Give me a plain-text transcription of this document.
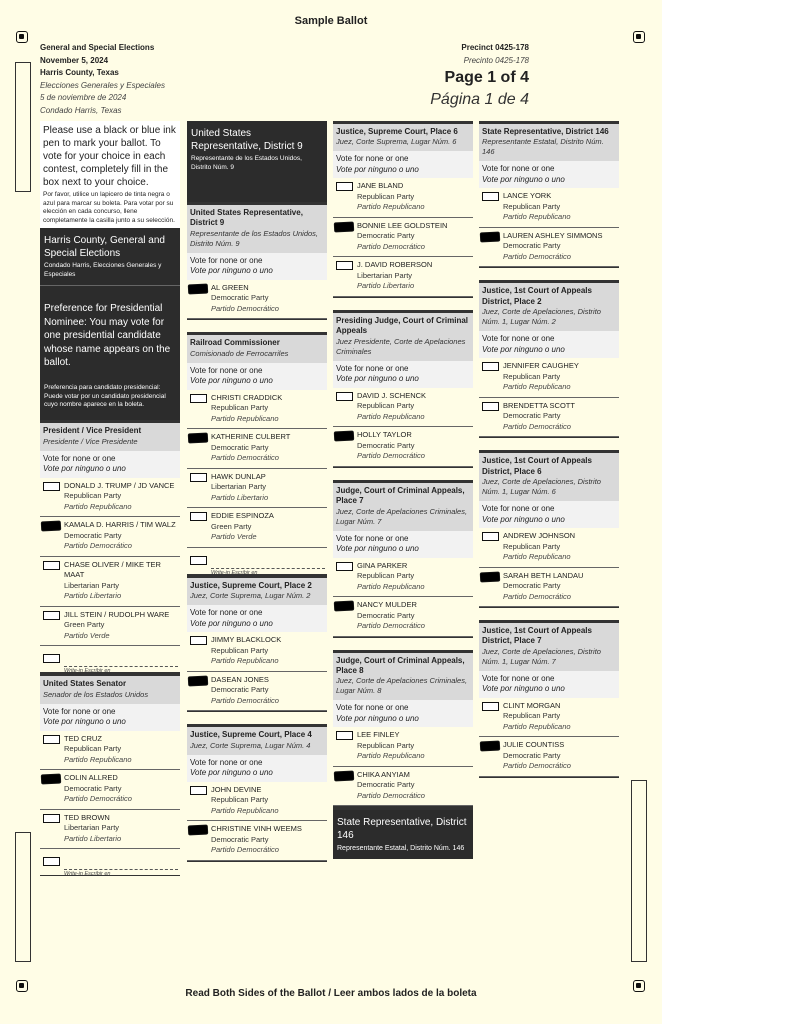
Sample Ballot
General and Special Elections
November 5, 2024
Harris County, Texas
Elecciones Generales y Especiales
5 de noviembre de 2024
Condado Harris, Texas
Precinct 0425-178
Precinto 0425-178
Page 1 of 4
Página 1 de 4
Please use a black or blue ink pen to mark your ballot. To vote for your choice in each contest, completely fill in the box next to your choice.
Por favor, utilice un lapicero de tinta negra o azul para marcar su boleta. Para votar por su elección en cada concurso, llene completamente la casilla junto a su selección.
Harris County, General and Special Elections
Condado Harris, Elecciones Generales y Especiales
Preference for Presidential Nominee: You may vote for one presidential candidate whose name appears on the ballot.
Preferencia para candidato presidencial: Puede votar por un candidato presidencial cuyo nombre aparece en la boleta.
President / Vice President
Presidente / Vice Presidente
Vote for none or one
Vote por ninguno o uno
DONALD J. TRUMP / JD VANCE
Republican Party
Partido Republicano
KAMALA D. HARRIS / TIM WALZ
Democratic Party
Partido Democrático
CHASE OLIVER / MIKE TER MAAT
Libertarian Party
Partido Libertario
JILL STEIN / RUDOLPH WARE
Green Party
Partido Verde
Write-in Escribir en
United States Senator
Senador de los Estados Unidos
Vote for none or one
Vote por ninguno o uno
TED CRUZ
Republican Party
Partido Republicano
COLIN ALLRED
Democratic Party
Partido Democrático
TED BROWN
Libertarian Party
Partido Libertario
Write-in Escribir en
United States Representative, District 9
Representante de los Estados Unidos, Distrito Núm. 9
United States Representative, District 9
Representante de los Estados Unidos, Distrito Núm. 9
Vote for none or one
Vote por ninguno o uno
AL GREEN
Democratic Party
Partido Democrático
Railroad Commissioner
Comisionado de Ferrocarriles
Vote for none or one
Vote por ninguno o uno
CHRISTI CRADDICK
Republican Party
Partido Republicano
KATHERINE CULBERT
Democratic Party
Partido Democrático
HAWK DUNLAP
Libertarian Party
Partido Libertario
EDDIE ESPINOZA
Green Party
Partido Verde
Write-in Escribir en
Justice, Supreme Court, Place 2
Juez, Corte Suprema, Lugar Núm. 2
Vote for none or one
Vote por ninguno o uno
JIMMY BLACKLOCK
Republican Party
Partido Republicano
DASEAN JONES
Democratic Party
Partido Democrático
Justice, Supreme Court, Place 4
Juez, Corte Suprema, Lugar Núm. 4
Vote for none or one
Vote por ninguno o uno
JOHN DEVINE
Republican Party
Partido Republicano
CHRISTINE VINH WEEMS
Democratic Party
Partido Democrático
Justice, Supreme Court, Place 6
Juez, Corte Suprema, Lugar Núm. 6
Vote for none or one
Vote por ninguno o uno
JANE BLAND
Republican Party
Partido Republicano
BONNIE LEE GOLDSTEIN
Democratic Party
Partido Democrático
J. DAVID ROBERSON
Libertarian Party
Partido Libertario
Presiding Judge, Court of Criminal Appeals
Juez Presidente, Corte de Apelaciones Criminales
Vote for none or one
Vote por ninguno o uno
DAVID J. SCHENCK
Republican Party
Partido Republicano
HOLLY TAYLOR
Democratic Party
Partido Democrático
Judge, Court of Criminal Appeals, Place 7
Juez, Corte de Apelaciones Criminales, Lugar Núm. 7
Vote for none or one
Vote por ninguno o uno
GINA PARKER
Republican Party
Partido Republicano
NANCY MULDER
Democratic Party
Partido Democrático
Judge, Court of Criminal Appeals, Place 8
Juez, Corte de Apelaciones Criminales, Lugar Núm. 8
Vote for none or one
Vote por ninguno o uno
LEE FINLEY
Republican Party
Partido Republicano
CHIKA ANYIAM
Democratic Party
Partido Democrático
State Representative, District 146
Representante Estatal, Distrito Núm. 146
State Representative, District 146
Representante Estatal, Distrito Núm. 146
Vote for none or one
Vote por ninguno o uno
LANCE YORK
Republican Party
Partido Republicano
LAUREN ASHLEY SIMMONS
Democratic Party
Partido Democrático
Justice, 1st Court of Appeals District, Place 2
Juez, Corte de Apelaciones, Distrito Núm. 1, Lugar Núm. 2
Vote for none or one
Vote por ninguno o uno
JENNIFER CAUGHEY
Republican Party
Partido Republicano
BRENDETTA SCOTT
Democratic Party
Partido Democrático
Justice, 1st Court of Appeals District, Place 6
Juez, Corte de Apelaciones, Distrito Núm. 1, Lugar Núm. 6
Vote for none or one
Vote por ninguno o uno
ANDREW JOHNSON
Republican Party
Partido Republicano
SARAH BETH LANDAU
Democratic Party
Partido Democrático
Justice, 1st Court of Appeals District, Place 7
Juez, Corte de Apelaciones, Distrito Núm. 1, Lugar Núm. 7
Vote for none or one
Vote por ninguno o uno
CLINT MORGAN
Republican Party
Partido Republicano
JULIE COUNTISS
Democratic Party
Partido Democrático
Read Both Sides of the Ballot / Leer ambos lados de la boleta
